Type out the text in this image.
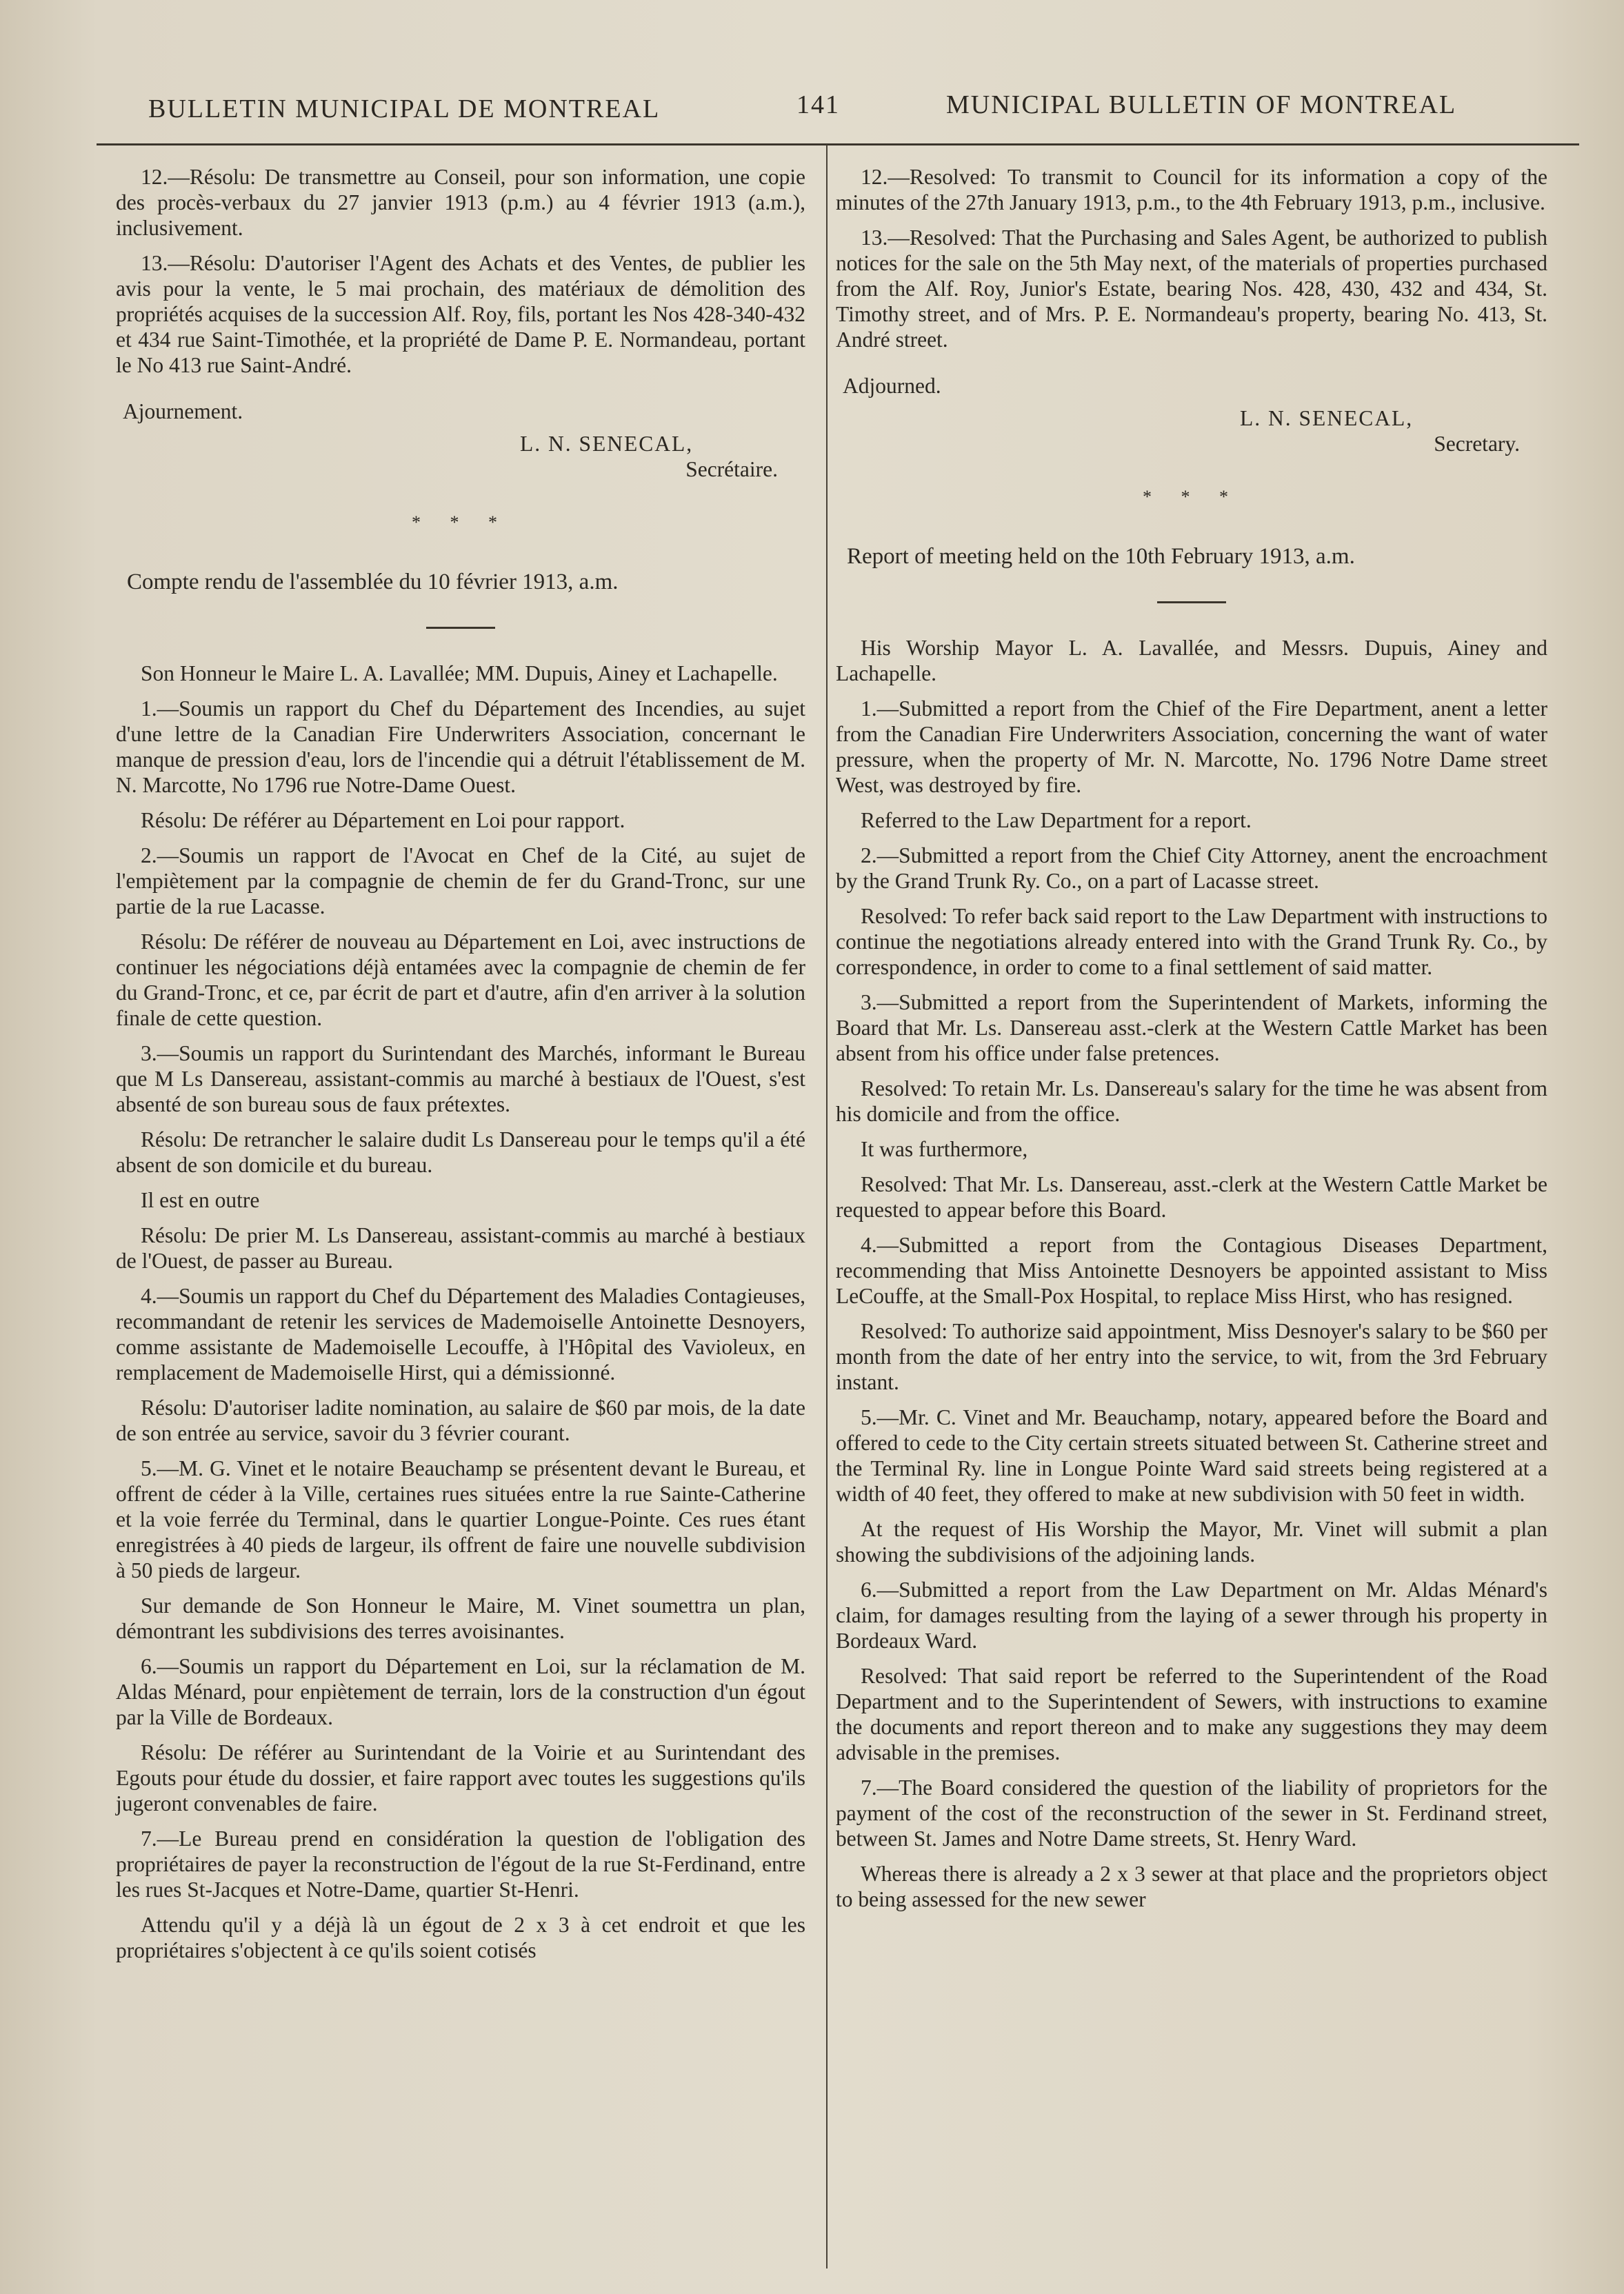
BULLETIN MUNICIPAL DE MONTREAL	141	MUNICIPAL BULLETIN OF MONTREAL

12.—Résolu: De transmettre au Conseil, pour son information, une copie des procès-verbaux du 27 janvier 1913 (p.m.) au 4 février 1913 (a.m.), inclusivement.

13.—Résolu: D'autoriser l'Agent des Achats et des Ventes, de publier les avis pour la vente, le 5 mai prochain, des matériaux de démolition des propriétés acquises de la succession Alf. Roy, fils, portant les Nos 428-340-432 et 434 rue Saint-Timothée, et la propriété de Dame P. E. Normandeau, portant le No 413 rue Saint-André.

Ajournement.

L. N. SENECAL,

Secrétaire.

* * *

Compte rendu de l'assemblée du 10 février 1913, a.m.

Son Honneur le Maire L. A. Lavallée; MM. Dupuis, Ainey et Lachapelle.

1.—Soumis un rapport du Chef du Département des Incendies, au sujet d'une lettre de la Canadian Fire Underwriters Association, concernant le manque de pression d'eau, lors de l'incendie qui a détruit l'établissement de M. N. Marcotte, No 1796 rue Notre-Dame Ouest.

Résolu: De référer au Département en Loi pour rapport.

2.—Soumis un rapport de l'Avocat en Chef de la Cité, au sujet de l'empiètement par la compagnie de chemin de fer du Grand-Tronc, sur une partie de la rue Lacasse.

Résolu: De référer de nouveau au Département en Loi, avec instructions de continuer les négociations déjà entamées avec la compagnie de chemin de fer du Grand-Tronc, et ce, par écrit de part et d'autre, afin d'en arriver à la solution finale de cette question.

3.—Soumis un rapport du Surintendant des Marchés, informant le Bureau que M Ls Dansereau, assistant-commis au marché à bestiaux de l'Ouest, s'est absenté de son bureau sous de faux prétextes.

Résolu: De retrancher le salaire dudit Ls Dansereau pour le temps qu'il a été absent de son domicile et du bureau.

Il est en outre

Résolu: De prier M. Ls Dansereau, assistant-commis au marché à bestiaux de l'Ouest, de passer au Bureau.

4.—Soumis un rapport du Chef du Département des Maladies Contagieuses, recommandant de retenir les services de Mademoiselle Antoinette Desnoyers, comme assistante de Mademoiselle Lecouffe, à l'Hôpital des Vavioleux, en remplacement de Mademoiselle Hirst, qui a démissionné.

Résolu: D'autoriser ladite nomination, au salaire de $60 par mois, de la date de son entrée au service, savoir du 3 février courant.

5.—M. G. Vinet et le notaire Beauchamp se présentent devant le Bureau, et offrent de céder à la Ville, certaines rues situées entre la rue Sainte-Catherine et la voie ferrée du Terminal, dans le quartier Longue-Pointe. Ces rues étant enregistrées à 40 pieds de largeur, ils offrent de faire une nouvelle subdivision à 50 pieds de largeur.

Sur demande de Son Honneur le Maire, M. Vinet soumettra un plan, démontrant les subdivisions des terres avoisinantes.

6.—Soumis un rapport du Département en Loi, sur la réclamation de M. Aldas Ménard, pour enpiètement de terrain, lors de la construction d'un égout par la Ville de Bordeaux.

Résolu: De référer au Surintendant de la Voirie et au Surintendant des Egouts pour étude du dossier, et faire rapport avec toutes les suggestions qu'ils jugeront convenables de faire.

7.—Le Bureau prend en considération la question de l'obligation des propriétaires de payer la reconstruction de l'égout de la rue St-Ferdinand, entre les rues St-Jacques et Notre-Dame, quartier St-Henri.

Attendu qu'il y a déjà là un égout de 2 x 3 à cet endroit et que les propriétaires s'objectent à ce qu'ils soient cotisés

12.—Resolved: To transmit to Council for its information a copy of the minutes of the 27th January 1913, p.m., to the 4th February 1913, p.m., inclusive.

13.—Resolved: That the Purchasing and Sales Agent, be authorized to publish notices for the sale on the 5th May next, of the materials of properties purchased from the Alf. Roy, Junior's Estate, bearing Nos. 428, 430, 432 and 434, St. Timothy street, and of Mrs. P. E. Normandeau's property, bearing No. 413, St. André street.

Adjourned.

L. N. SENECAL,

Secretary.

* * *

Report of meeting held on the 10th February 1913, a.m.

His Worship Mayor L. A. Lavallée, and Messrs. Dupuis, Ainey and Lachapelle.

1.—Submitted a report from the Chief of the Fire Department, anent a letter from the Canadian Fire Underwriters Association, concerning the want of water pressure, when the property of Mr. N. Marcotte, No. 1796 Notre Dame street West, was destroyed by fire.

Referred to the Law Department for a report.

2.—Submitted a report from the Chief City Attorney, anent the encroachment by the Grand Trunk Ry. Co., on a part of Lacasse street.

Resolved: To refer back said report to the Law Department with instructions to continue the negotiations already entered into with the Grand Trunk Ry. Co., by correspondence, in order to come to a final settlement of said matter.

3.—Submitted a report from the Superintendent of Markets, informing the Board that Mr. Ls. Dansereau asst.-clerk at the Western Cattle Market has been absent from his office under false pretences.

Resolved: To retain Mr. Ls. Dansereau's salary for the time he was absent from his domicile and from the office.

It was furthermore,

Resolved: That Mr. Ls. Dansereau, asst.-clerk at the Western Cattle Market be requested to appear before this Board.

4.—Submitted a report from the Contagious Diseases Department, recommending that Miss Antoinette Desnoyers be appointed assistant to Miss LeCouffe, at the Small-Pox Hospital, to replace Miss Hirst, who has resigned.

Resolved: To authorize said appointment, Miss Desnoyer's salary to be $60 per month from the date of her entry into the service, to wit, from the 3rd February instant.

5.—Mr. C. Vinet and Mr. Beauchamp, notary, appeared before the Board and offered to cede to the City certain streets situated between St. Catherine street and the Terminal Ry. line in Longue Pointe Ward said streets being registered at a width of 40 feet, they offered to make at new subdivision with 50 feet in width.

At the request of His Worship the Mayor, Mr. Vinet will submit a plan showing the subdivisions of the adjoining lands.

6.—Submitted a report from the Law Department on Mr. Aldas Ménard's claim, for damages resulting from the laying of a sewer through his property in Bordeaux Ward.

Resolved: That said report be referred to the Superintendent of the Road Department and to the Superintendent of Sewers, with instructions to examine the documents and report thereon and to make any suggestions they may deem advisable in the premises.

7.—The Board considered the question of the liability of proprietors for the payment of the cost of the reconstruction of the sewer in St. Ferdinand street, between St. James and Notre Dame streets, St. Henry Ward.

Whereas there is already a 2 x 3 sewer at that place and the proprietors object to being assessed for the new sewer
